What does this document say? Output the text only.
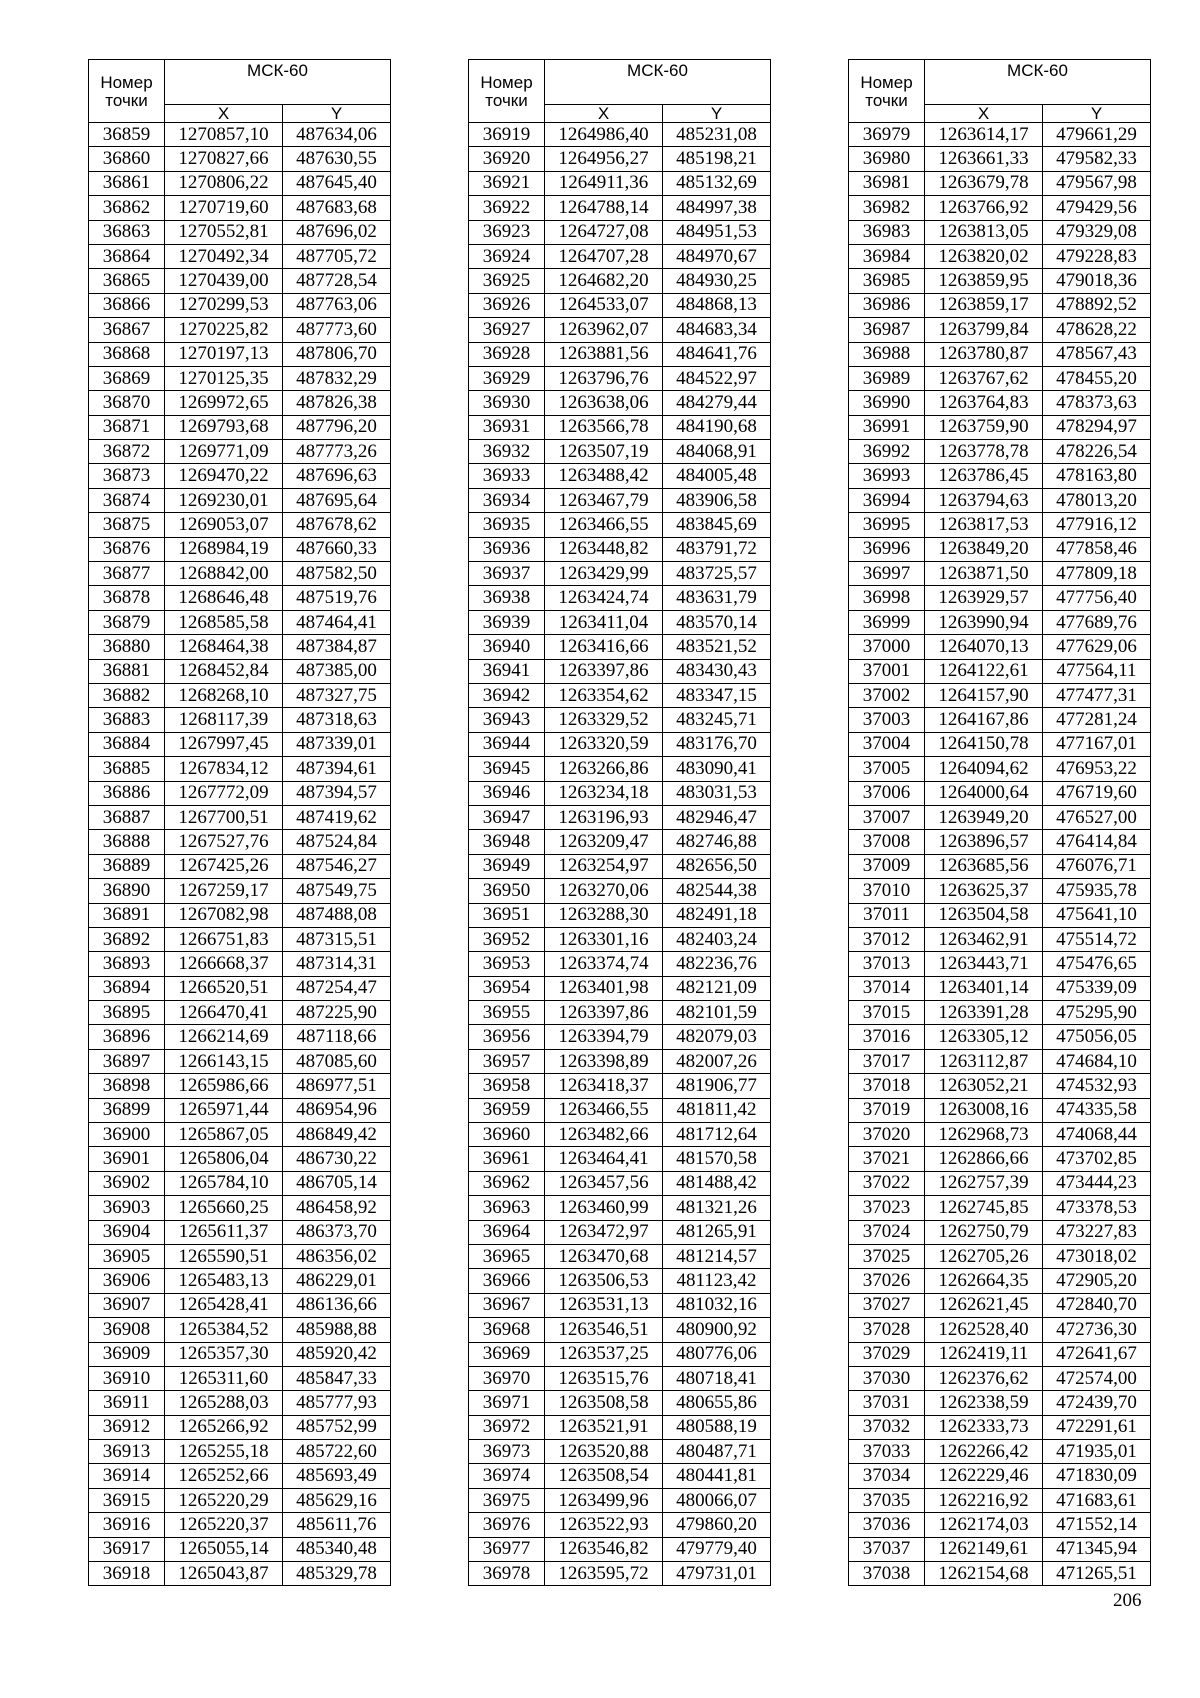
Номер
точки	МСК-60	
	X	Y
36859	1270857,10	487634,06
36860	1270827,66	487630,55
36861	1270806,22	487645,40
36862	1270719,60	487683,68
36863	1270552,81	487696,02
36864	1270492,34	487705,72
36865	1270439,00	487728,54
36866	1270299,53	487763,06
36867	1270225,82	487773,60
36868	1270197,13	487806,70
36869	1270125,35	487832,29
36870	1269972,65	487826,38
36871	1269793,68	487796,20
36872	1269771,09	487773,26
36873	1269470,22	487696,63
36874	1269230,01	487695,64
36875	1269053,07	487678,62
36876	1268984,19	487660,33
36877	1268842,00	487582,50
36878	1268646,48	487519,76
36879	1268585,58	487464,41
36880	1268464,38	487384,87
36881	1268452,84	487385,00
36882	1268268,10	487327,75
36883	1268117,39	487318,63
36884	1267997,45	487339,01
36885	1267834,12	487394,61
36886	1267772,09	487394,57
36887	1267700,51	487419,62
36888	1267527,76	487524,84
36889	1267425,26	487546,27
36890	1267259,17	487549,75
36891	1267082,98	487488,08
36892	1266751,83	487315,51
36893	1266668,37	487314,31
36894	1266520,51	487254,47
36895	1266470,41	487225,90
36896	1266214,69	487118,66
36897	1266143,15	487085,60
36898	1265986,66	486977,51
36899	1265971,44	486954,96
36900	1265867,05	486849,42
36901	1265806,04	486730,22
36902	1265784,10	486705,14
36903	1265660,25	486458,92
36904	1265611,37	486373,70
36905	1265590,51	486356,02
36906	1265483,13	486229,01
36907	1265428,41	486136,66
36908	1265384,52	485988,88
36909	1265357,30	485920,42
36910	1265311,60	485847,33
36911	1265288,03	485777,93
36912	1265266,92	485752,99
36913	1265255,18	485722,60
36914	1265252,66	485693,49
36915	1265220,29	485629,16
36916	1265220,37	485611,76
36917	1265055,14	485340,48
36918	1265043,87	485329,78
Номер
точки	МСК-60	
	X	Y
36919	1264986,40	485231,08
36920	1264956,27	485198,21
36921	1264911,36	485132,69
36922	1264788,14	484997,38
36923	1264727,08	484951,53
36924	1264707,28	484970,67
36925	1264682,20	484930,25
36926	1264533,07	484868,13
36927	1263962,07	484683,34
36928	1263881,56	484641,76
36929	1263796,76	484522,97
36930	1263638,06	484279,44
36931	1263566,78	484190,68
36932	1263507,19	484068,91
36933	1263488,42	484005,48
36934	1263467,79	483906,58
36935	1263466,55	483845,69
36936	1263448,82	483791,72
36937	1263429,99	483725,57
36938	1263424,74	483631,79
36939	1263411,04	483570,14
36940	1263416,66	483521,52
36941	1263397,86	483430,43
36942	1263354,62	483347,15
36943	1263329,52	483245,71
36944	1263320,59	483176,70
36945	1263266,86	483090,41
36946	1263234,18	483031,53
36947	1263196,93	482946,47
36948	1263209,47	482746,88
36949	1263254,97	482656,50
36950	1263270,06	482544,38
36951	1263288,30	482491,18
36952	1263301,16	482403,24
36953	1263374,74	482236,76
36954	1263401,98	482121,09
36955	1263397,86	482101,59
36956	1263394,79	482079,03
36957	1263398,89	482007,26
36958	1263418,37	481906,77
36959	1263466,55	481811,42
36960	1263482,66	481712,64
36961	1263464,41	481570,58
36962	1263457,56	481488,42
36963	1263460,99	481321,26
36964	1263472,97	481265,91
36965	1263470,68	481214,57
36966	1263506,53	481123,42
36967	1263531,13	481032,16
36968	1263546,51	480900,92
36969	1263537,25	480776,06
36970	1263515,76	480718,41
36971	1263508,58	480655,86
36972	1263521,91	480588,19
36973	1263520,88	480487,71
36974	1263508,54	480441,81
36975	1263499,96	480066,07
36976	1263522,93	479860,20
36977	1263546,82	479779,40
36978	1263595,72	479731,01
Номер
точки	МСК-60	
	X	Y
36979	1263614,17	479661,29
36980	1263661,33	479582,33
36981	1263679,78	479567,98
36982	1263766,92	479429,56
36983	1263813,05	479329,08
36984	1263820,02	479228,83
36985	1263859,95	479018,36
36986	1263859,17	478892,52
36987	1263799,84	478628,22
36988	1263780,87	478567,43
36989	1263767,62	478455,20
36990	1263764,83	478373,63
36991	1263759,90	478294,97
36992	1263778,78	478226,54
36993	1263786,45	478163,80
36994	1263794,63	478013,20
36995	1263817,53	477916,12
36996	1263849,20	477858,46
36997	1263871,50	477809,18
36998	1263929,57	477756,40
36999	1263990,94	477689,76
37000	1264070,13	477629,06
37001	1264122,61	477564,11
37002	1264157,90	477477,31
37003	1264167,86	477281,24
37004	1264150,78	477167,01
37005	1264094,62	476953,22
37006	1264000,64	476719,60
37007	1263949,20	476527,00
37008	1263896,57	476414,84
37009	1263685,56	476076,71
37010	1263625,37	475935,78
37011	1263504,58	475641,10
37012	1263462,91	475514,72
37013	1263443,71	475476,65
37014	1263401,14	475339,09
37015	1263391,28	475295,90
37016	1263305,12	475056,05
37017	1263112,87	474684,10
37018	1263052,21	474532,93
37019	1263008,16	474335,58
37020	1262968,73	474068,44
37021	1262866,66	473702,85
37022	1262757,39	473444,23
37023	1262745,85	473378,53
37024	1262750,79	473227,83
37025	1262705,26	473018,02
37026	1262664,35	472905,20
37027	1262621,45	472840,70
37028	1262528,40	472736,30
37029	1262419,11	472641,67
37030	1262376,62	472574,00
37031	1262338,59	472439,70
37032	1262333,73	472291,61
37033	1262266,42	471935,01
37034	1262229,46	471830,09
37035	1262216,92	471683,61
37036	1262174,03	471552,14
37037	1262149,61	471345,94
37038	1262154,68	471265,51
206
